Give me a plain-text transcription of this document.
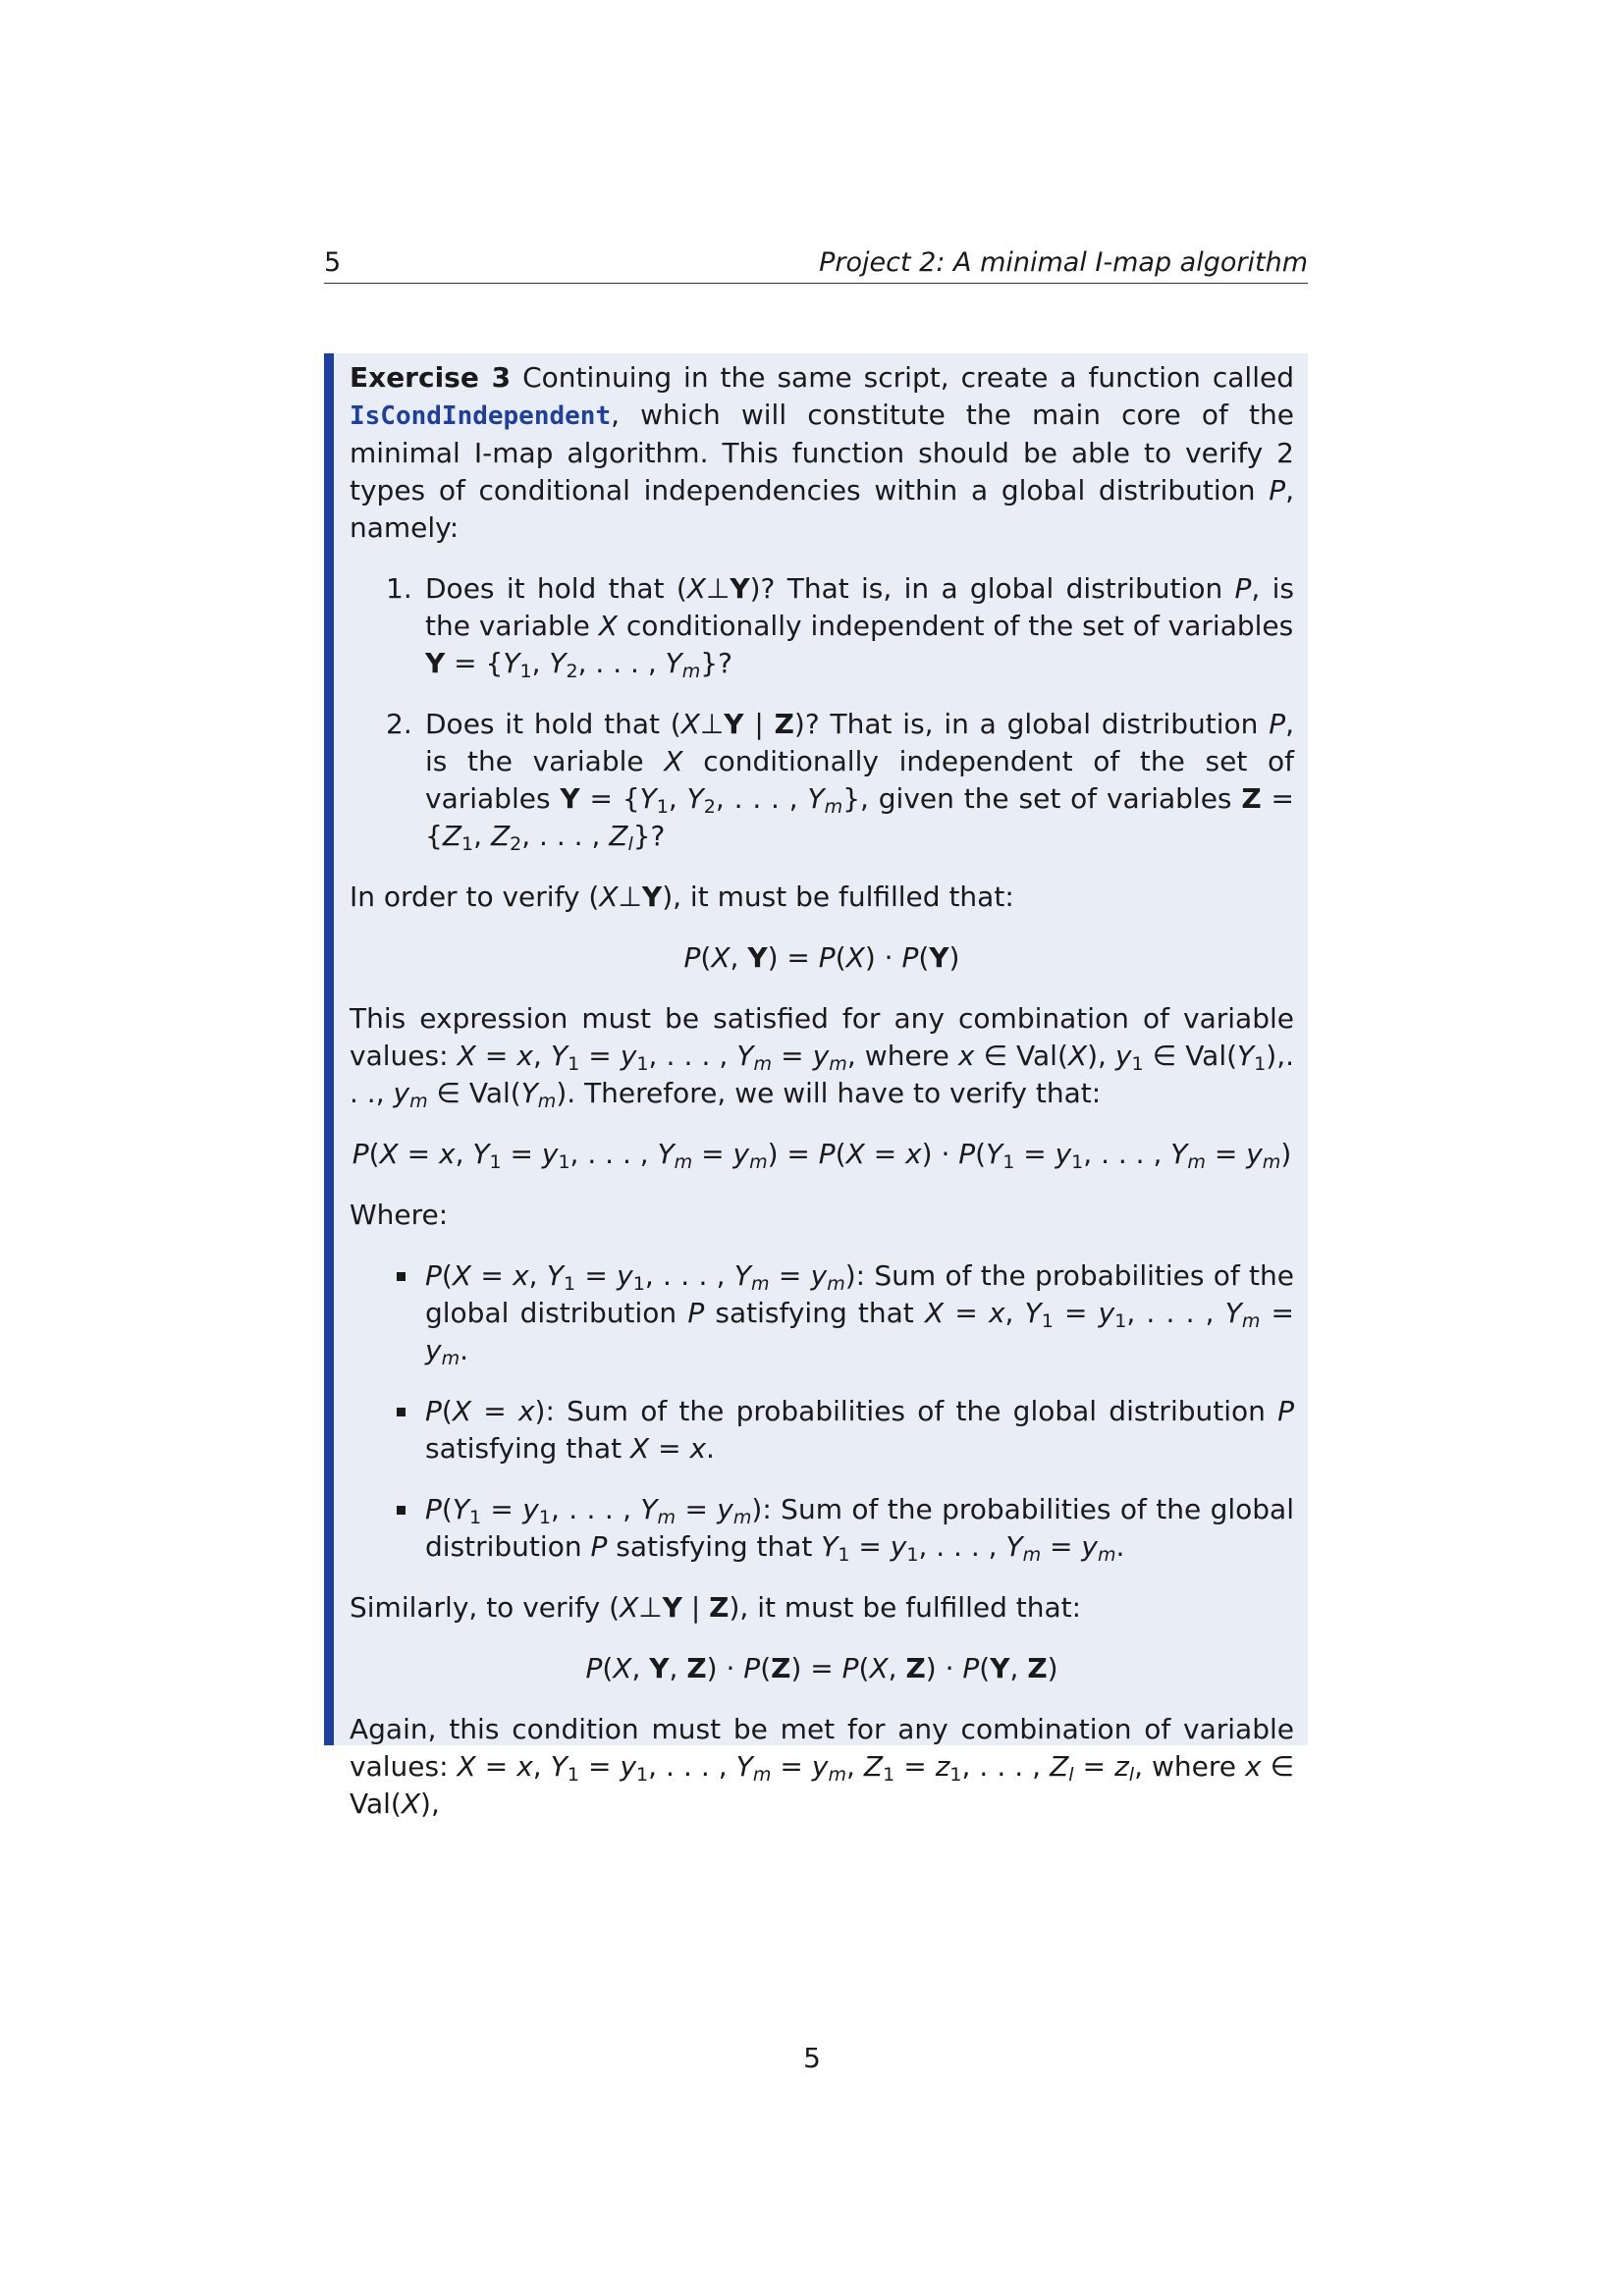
5	Project 2: A minimal I-map algorithm

Exercise 3 Continuing in the same script, create a function called IsCondIndependent, which will constitute the main core of the minimal I-map algorithm. This function should be able to verify 2 types of conditional independencies within a global distribution P, namely:

1. Does it hold that (X⊥Y)? That is, in a global distribution P, is the variable X conditionally independent of the set of variables
$Y = \{Y_1$, $Y_2$, . . . , $Y_m$}?
2. Does it hold that (X⊥Y | Z)? That is, in a global distribution P, is the variable X conditionally independent of the set of variables $Y = \{Y_1$, $Y_2$, . . . , $Y_m$}, given the set of variables $Z = \{Z_1$, $Z_2$, . . . , $Z_l$}?

In order to verify (X⊥Y), it must be fulfilled that:

P(X, Y) = P(X) · P(Y)

This expression must be satisfied for any combination of variable values: X = x, $Y_1 = y_1$, . . . , $Y_m = y_m$, where x ∈ Val(X), $y_1$ ∈ $Val(Y_1)$,. . ., $y_m$ ∈ $Val(Y_m)$. Therefore, we will have to verify that:

P(X = x, $Y_1 = y_1$, . . . , $Y_m = y_m) = P(X = x) \cdot P(Y_1 = y_1$, . . . , $Y_m = y_m$)

Where:

P(X = x, $Y_1 = y_1$, . . . , $Y_m = y_m$): Sum of the probabilities of the global distribution P satisfying that X = x, $Y_1 = y_1$, . . . , $Y_m = y_m$.
P(X = x): Sum of the probabilities of the global distribution P satisfying that X = x.
$P(Y_1 = y_1$, . . . , $Y_m = y_m$): Sum of the probabilities of the global distribution P satisfying that $Y_1 = y_1$, . . . , $Y_m = y_m$.

Similarly, to verify (X⊥Y | Z), it must be fulfilled that:

P(X, Y, Z) · P(Z) = P(X, Z) · P(Y, Z)

Again, this condition must be met for any combination of variable values: X = x, $Y_1 = y_1$, . . . , $Y_m = y_m$, $Z_1 = z_1$, . . . , $Z_l = z_l$, where x ∈ Val(X),

5
